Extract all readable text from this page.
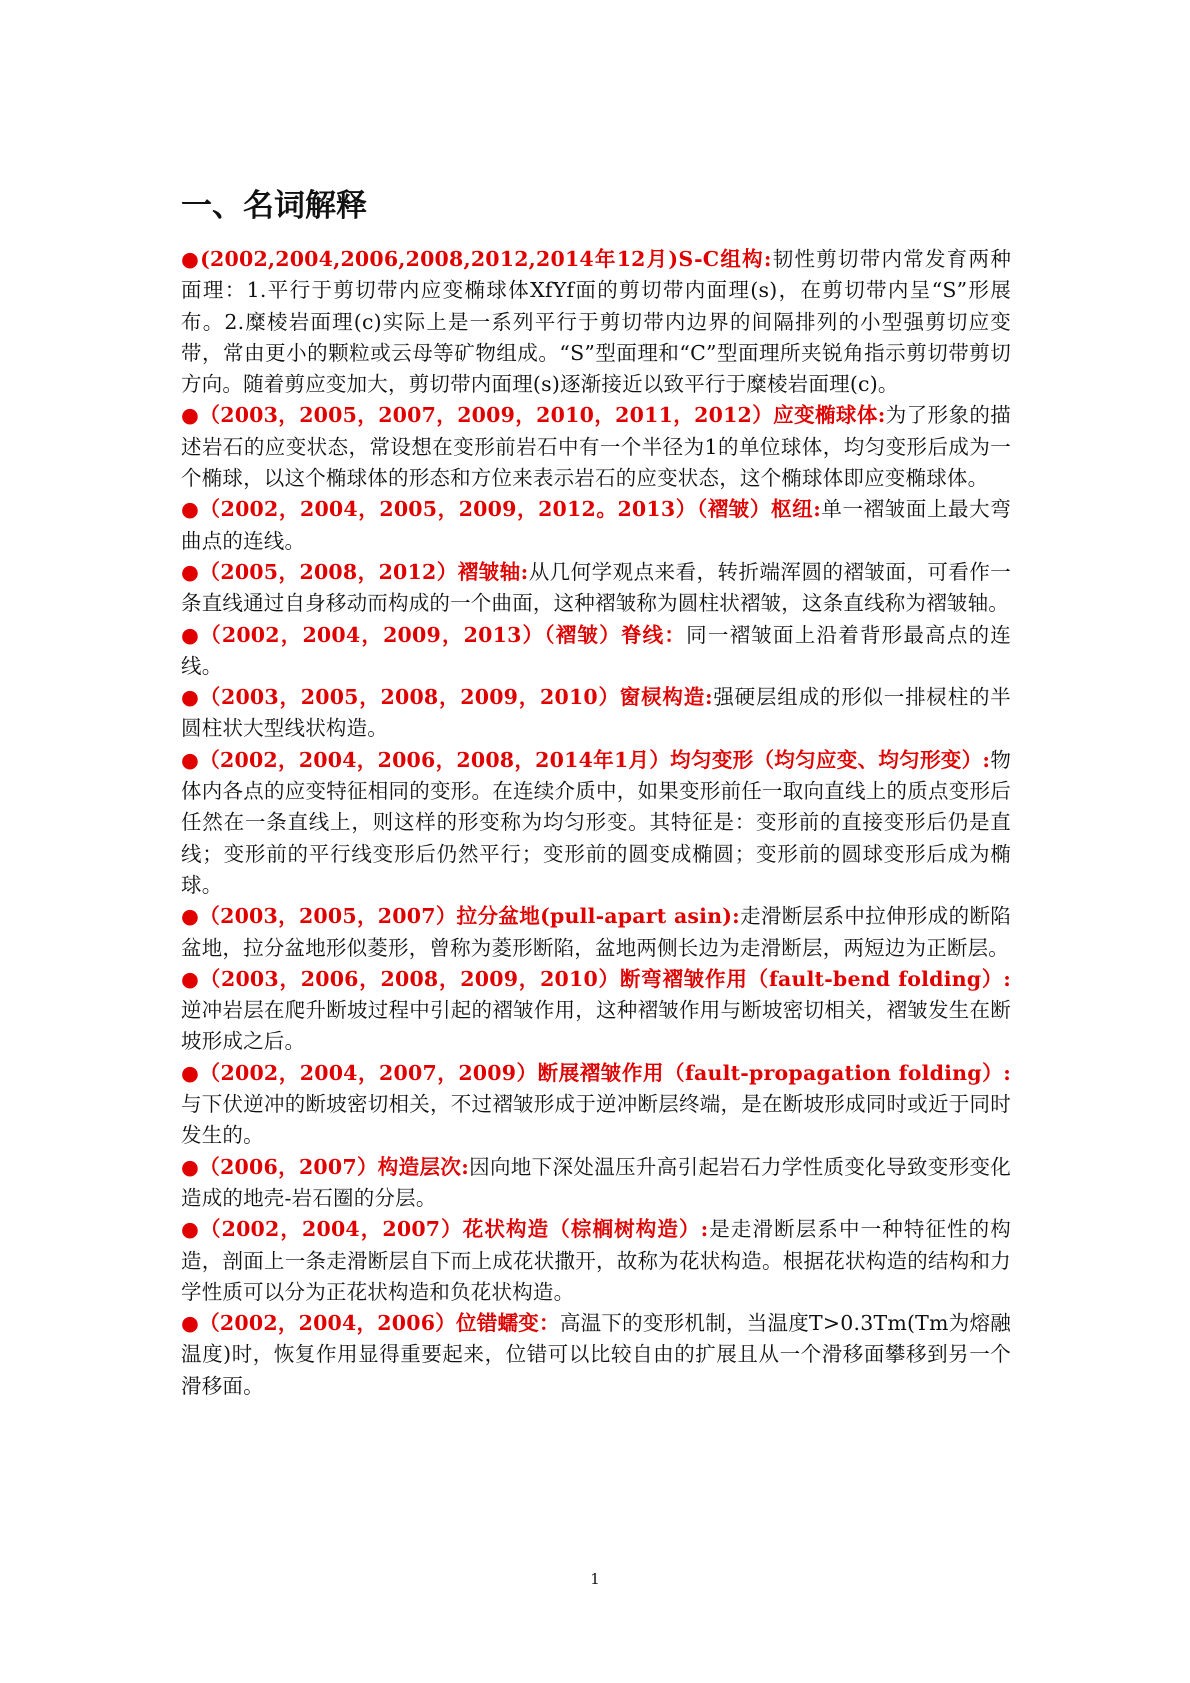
一、名词解释

●(2002,2004,2006,2008,2012,2014年12月)S-C组构:韧性剪切带内常发育两种面理：1.平行于剪切带内应变椭球体XfYf面的剪切带内面理(s)，在剪切带内呈“S”形展布。2.糜棱岩面理(c)实际上是一系列平行于剪切带内边界的间隔排列的小型强剪切应变带，常由更小的颗粒或云母等矿物组成。“S”型面理和“C”型面理所夹锐角指示剪切带剪切方向。随着剪应变加大，剪切带内面理(s)逐渐接近以致平行于糜棱岩面理(c)。

●（2003，2005，2007，2009，2010，2011，2012）应变椭球体:为了形象的描述岩石的应变状态，常设想在变形前岩石中有一个半径为1的单位球体，均匀变形后成为一个椭球，以这个椭球体的形态和方位来表示岩石的应变状态，这个椭球体即应变椭球体。

●（2002，2004，2005，2009，2012。2013）（褶皱）枢纽:单一褶皱面上最大弯曲点的连线。

●（2005，2008，2012）褶皱轴:从几何学观点来看，转折端浑圆的褶皱面，可看作一条直线通过自身移动而构成的一个曲面，这种褶皱称为圆柱状褶皱，这条直线称为褶皱轴。

●（2002，2004，2009，2013）（褶皱）脊线：同一褶皱面上沿着背形最高点的连线。

●（2003，2005，2008，2009，2010）窗棂构造:强硬层组成的形似一排棂柱的半圆柱状大型线状构造。

●（2002，2004，2006，2008，2014年1月）均匀变形（均匀应变、均匀形变）:物体内各点的应变特征相同的变形。在连续介质中，如果变形前任一取向直线上的质点变形后任然在一条直线上，则这样的形变称为均匀形变。其特征是：变形前的直接变形后仍是直线；变形前的平行线变形后仍然平行；变形前的圆变成椭圆；变形前的圆球变形后成为椭球。

●（2003，2005，2007）拉分盆地(pull-apart asin):走滑断层系中拉伸形成的断陷盆地，拉分盆地形似菱形，曾称为菱形断陷，盆地两侧长边为走滑断层，两短边为正断层。

●（2003，2006，2008，2009，2010）断弯褶皱作用（fault-bend folding）:逆冲岩层在爬升断坡过程中引起的褶皱作用，这种褶皱作用与断坡密切相关，褶皱发生在断坡形成之后。

●（2002，2004，2007，2009）断展褶皱作用（fault-propagation folding）:与下伏逆冲的断坡密切相关，不过褶皱形成于逆冲断层终端，是在断坡形成同时或近于同时发生的。

●（2006，2007）构造层次:因向地下深处温压升高引起岩石力学性质变化导致变形变化造成的地壳-岩石圈的分层。

●（2002，2004，2007）花状构造（棕榈树构造）:是走滑断层系中一种特征性的构造，剖面上一条走滑断层自下而上成花状撒开，故称为花状构造。根据花状构造的结构和力学性质可以分为正花状构造和负花状构造。

●（2002，2004，2006）位错蠕变：高温下的变形机制，当温度T>0.3Tm(Tm为熔融温度)时，恢复作用显得重要起来，位错可以比较自由的扩展且从一个滑移面攀移到另一个滑移面。

1
